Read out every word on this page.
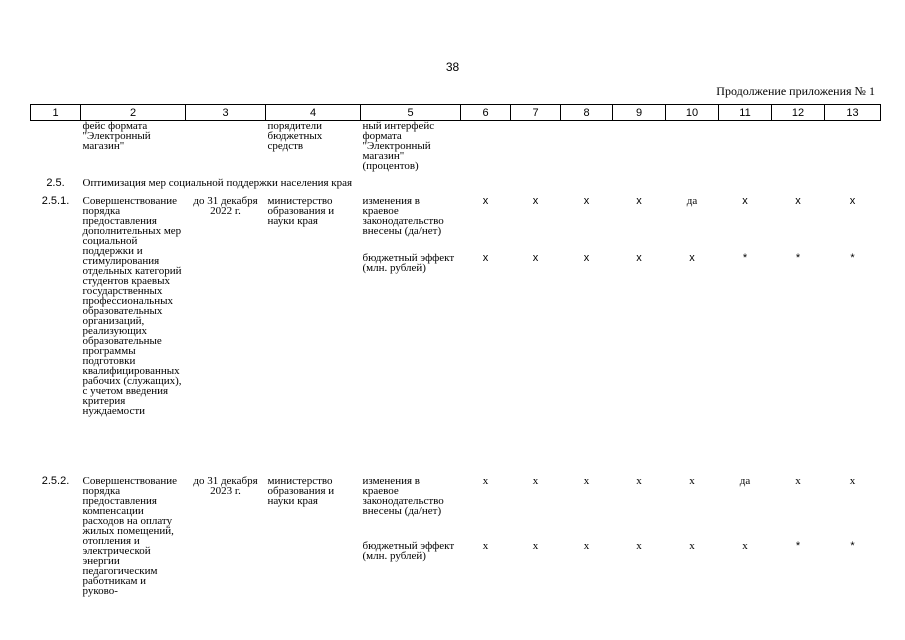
38
Продолжение приложения № 1
1	2	3	4	5	6	7	8	9	10	11	12	13
	фейс формата "Электронный магазин"		порядители бюджетных средств	ный интерфейс формата "Электронный магазин" (процентов)								
2.5.	Оптимизация мер социальной поддержки населения края											
2.5.1.	Совершенствование порядка предоставления дополнительных мер социальной поддержки и стимулирования отдельных категорий студентов краевых государственных профессиональных образовательных организаций, реализующих образовательные программы подготовки квалифицированных рабочих (служащих), с учетом введения критерия нуждаемости	до 31 декабря 2022 г.	министерство образования и науки края	изменения в краевое законодательство внесены (да/нет)	х	х	х	х	да	х	х	х
				бюджетный эффект (млн. рублей)	х	х	х	х	х	*	*	*

2.5.2.	Совершенствование порядка предоставления компенсации расходов на оплату жилых помещений, отопления и электрической энергии педагогическим работникам и руково-	до 31 декабря 2023 г.	министерство образования и науки края	изменения в краевое законодательство внесены (да/нет)	х	х	х	х	х	да	х	х
				бюджетный эффект (млн. рублей)	х	х	х	х	х	х	*	*
